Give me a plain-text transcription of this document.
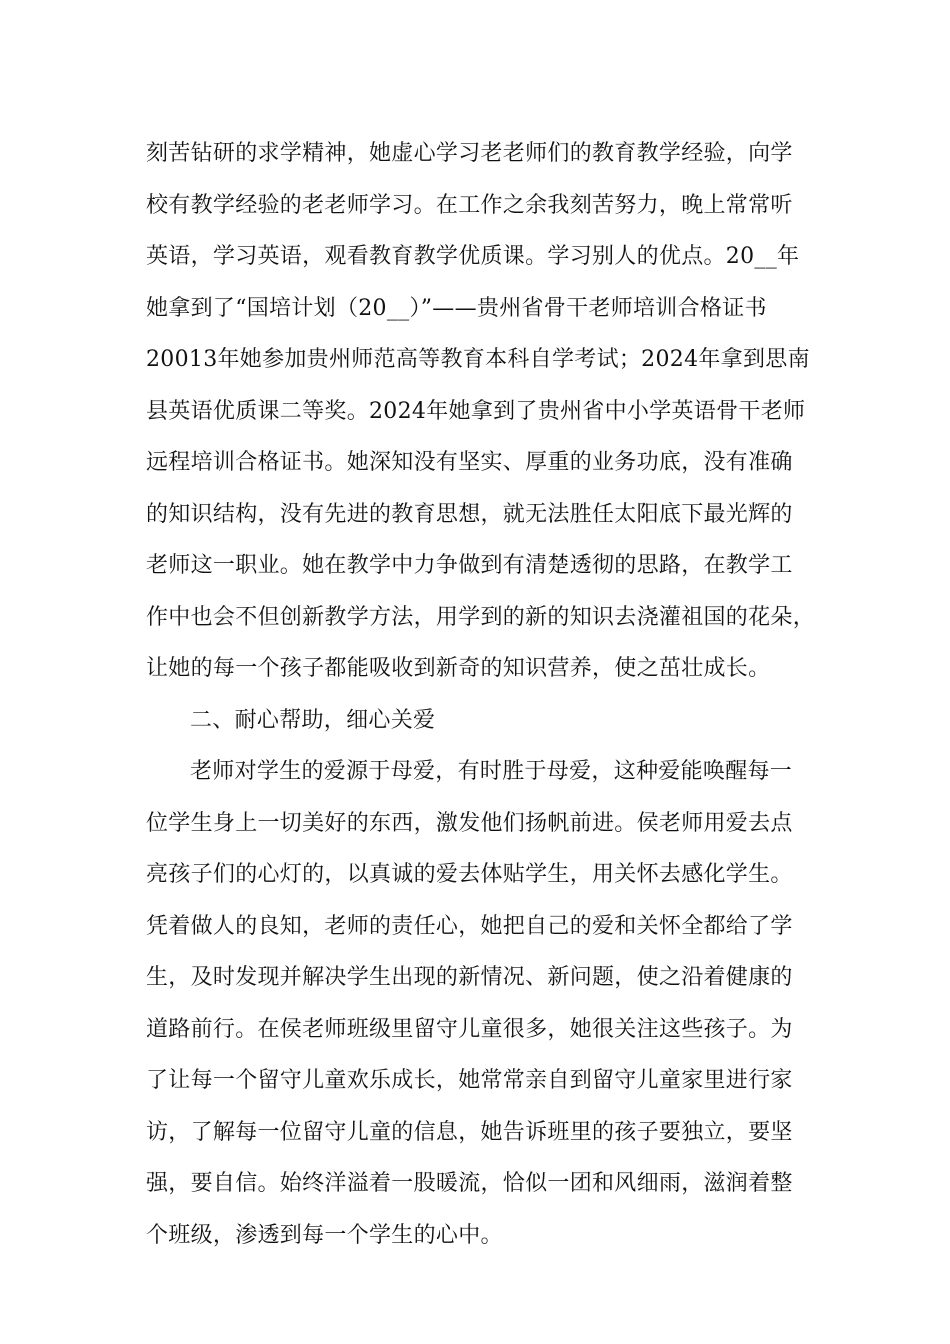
刻苦钻研的求学精神，她虚心学习老老师们的教育教学经验，向学
校有教学经验的老老师学习。在工作之余我刻苦努力，晚上常常听
英语，学习英语，观看教育教学优质课。学习别人的优点。20__年
她拿到了“国培计划（20__）”——贵州省骨干老师培训合格证书
20013年她参加贵州师范高等教育本科自学考试；2024年拿到思南
县英语优质课二等奖。2024年她拿到了贵州省中小学英语骨干老师
远程培训合格证书。她深知没有坚实、厚重的业务功底，没有准确
的知识结构，没有先进的教育思想，就无法胜任太阳底下最光辉的
老师这一职业。她在教学中力争做到有清楚透彻的思路，在教学工
作中也会不但创新教学方法，用学到的新的知识去浇灌祖国的花朵，
让她的每一个孩子都能吸收到新奇的知识营养，使之茁壮成长。
二、耐心帮助，细心关爱
老师对学生的爱源于母爱，有时胜于母爱，这种爱能唤醒每一
位学生身上一切美好的东西，激发他们扬帆前进。侯老师用爱去点
亮孩子们的心灯的，以真诚的爱去体贴学生，用关怀去感化学生。
凭着做人的良知，老师的责任心，她把自己的爱和关怀全都给了学
生，及时发现并解决学生出现的新情况、新问题，使之沿着健康的
道路前行。在侯老师班级里留守儿童很多，她很关注这些孩子。为
了让每一个留守儿童欢乐成长，她常常亲自到留守儿童家里进行家
访，了解每一位留守儿童的信息，她告诉班里的孩子要独立，要坚
强，要自信。始终洋溢着一股暖流，恰似一团和风细雨，滋润着整
个班级，渗透到每一个学生的心中。
